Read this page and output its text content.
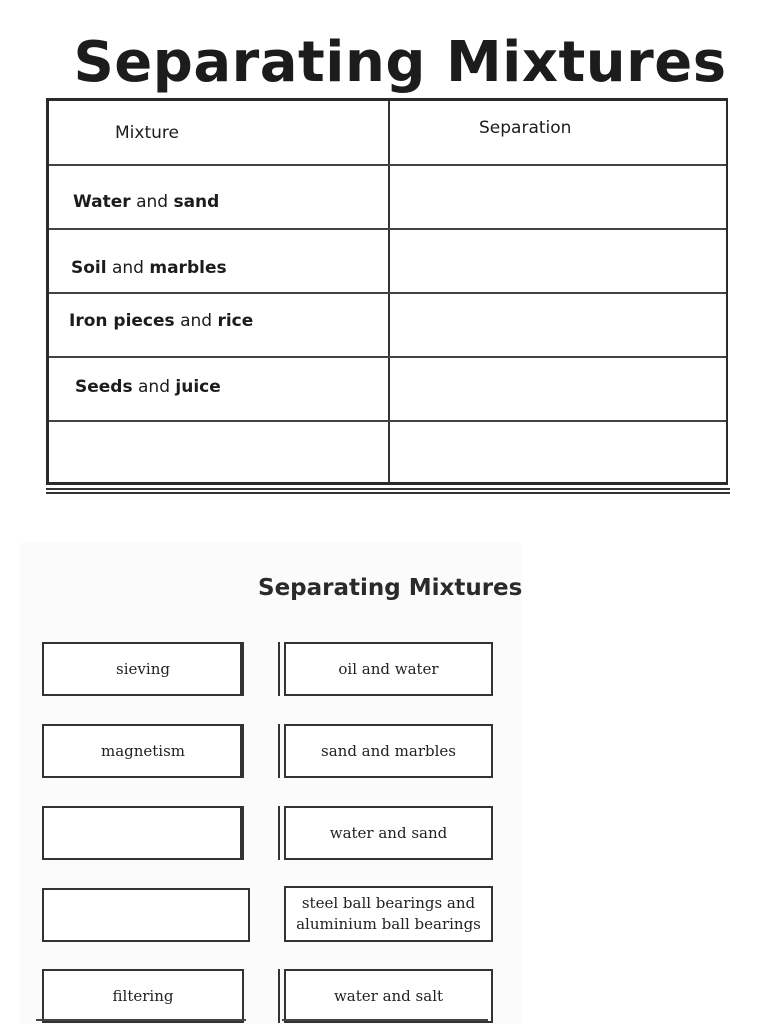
Separating Mixtures
Mixture	Separation
Water and sand
Soil and marbles
Iron pieces and rice
Seeds and juice
Separating Mixtures
sieving
magnetism
filtering
oil and water
sand and marbles
water and sand
steel ball bearings and aluminium ball bearings
water and salt
